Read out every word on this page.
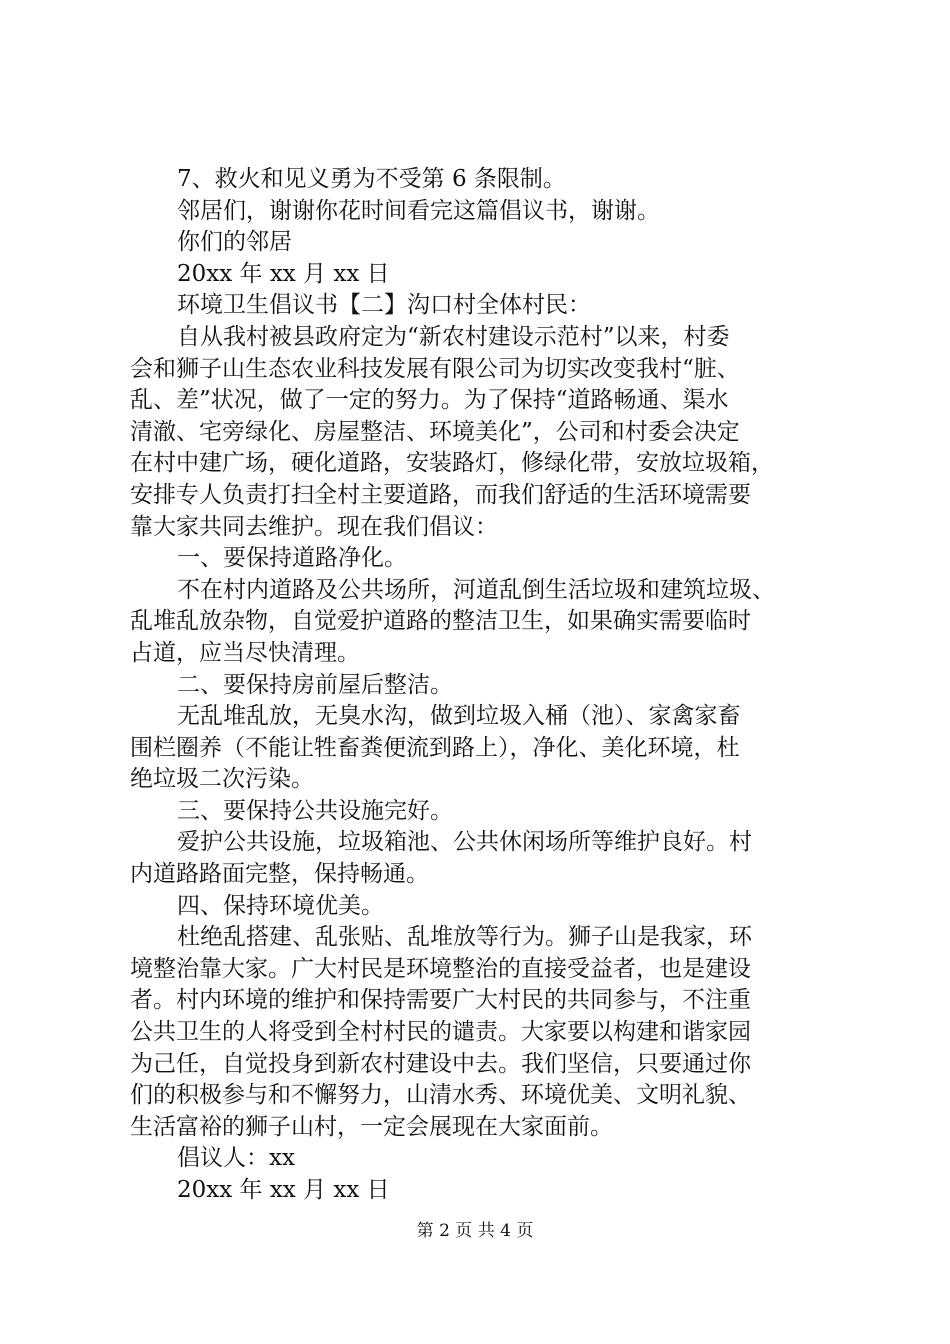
7、救火和见义勇为不受第 6 条限制。
邻居们，谢谢你花时间看完这篇倡议书，谢谢。
你们的邻居
20xx 年 xx 月 xx 日
环境卫生倡议书【二】沟口村全体村民：
自从我村被县政府定为“新农村建设示范村”以来，村委
会和狮子山生态农业科技发展有限公司为切实改变我村“脏、
乱、差”状况，做了一定的努力。为了保持“道路畅通、渠水
清澈、宅旁绿化、房屋整洁、环境美化”，公司和村委会决定
在村中建广场，硬化道路，安装路灯，修绿化带，安放垃圾箱，
安排专人负责打扫全村主要道路，而我们舒适的生活环境需要
靠大家共同去维护。现在我们倡议：
一、要保持道路净化。
不在村内道路及公共场所，河道乱倒生活垃圾和建筑垃圾、
乱堆乱放杂物，自觉爱护道路的整洁卫生，如果确实需要临时
占道，应当尽快清理。
二、要保持房前屋后整洁。
无乱堆乱放，无臭水沟，做到垃圾入桶（池）、家禽家畜
围栏圈养（不能让牲畜粪便流到路上），净化、美化环境，杜
绝垃圾二次污染。
三、要保持公共设施完好。
爱护公共设施，垃圾箱池、公共休闲场所等维护良好。村
内道路路面完整，保持畅通。
四、保持环境优美。
杜绝乱搭建、乱张贴、乱堆放等行为。狮子山是我家，环
境整治靠大家。广大村民是环境整治的直接受益者，也是建设
者。村内环境的维护和保持需要广大村民的共同参与，不注重
公共卫生的人将受到全村村民的谴责。大家要以构建和谐家园
为己任，自觉投身到新农村建设中去。我们坚信，只要通过你
们的积极参与和不懈努力，山清水秀、环境优美、文明礼貌、
生活富裕的狮子山村，一定会展现在大家面前。
倡议人：xx
20xx 年 xx 月 xx 日
第 2 页 共 4 页
